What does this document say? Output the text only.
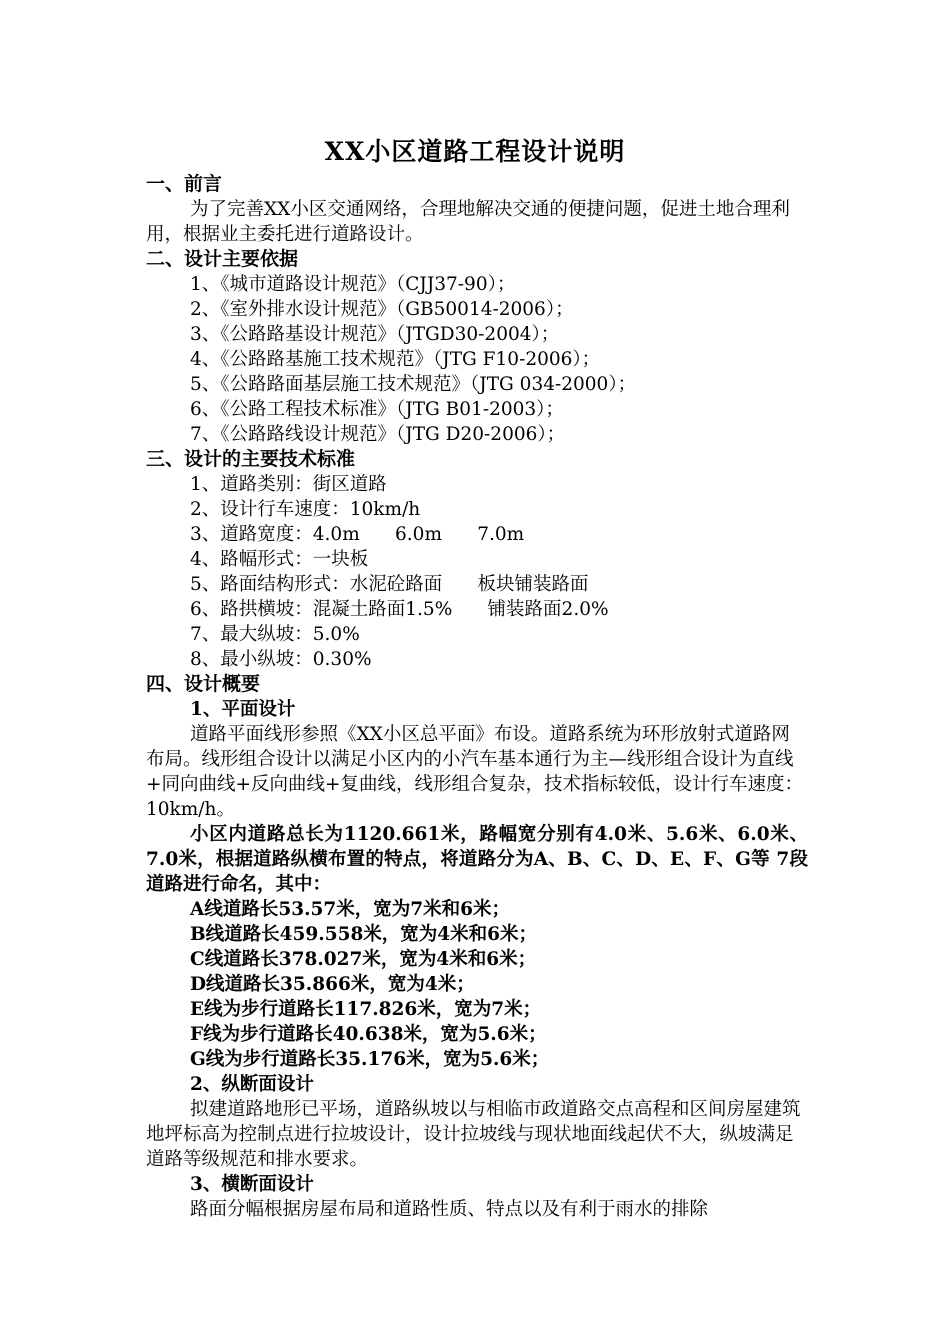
XX小区道路工程设计说明
一、前言
为了完善XX小区交通网络，合理地解决交通的便捷问题，促进土地合理利用，根据业主委托进行道路设计。
二、设计主要依据
1、《城市道路设计规范》（CJJ37-90）；
2、《室外排水设计规范》（GB50014-2006）；
3、《公路路基设计规范》（JTGD30-2004）；
4、《公路路基施工技术规范》（JTG F10-2006）；
5、《公路路面基层施工技术规范》（JTG 034-2000）；
6、《公路工程技术标准》（JTG B01-2003）；
7、《公路路线设计规范》（JTG D20-2006）；
三、设计的主要技术标准
1、道路类别：街区道路
2、设计行车速度：10km/h
3、道路宽度：4.0m      6.0m      7.0m
4、路幅形式：一块板
5、路面结构形式：水泥砼路面      板块铺装路面
6、路拱横坡：混凝土路面1.5%      铺装路面2.0%
7、最大纵坡：5.0%
8、最小纵坡：0.30%
四、设计概要
1、平面设计
道路平面线形参照《XX小区总平面》布设。道路系统为环形放射式道路网布局。线形组合设计以满足小区内的小汽车基本通行为主—线形组合设计为直线+同向曲线+反向曲线+复曲线，线形组合复杂，技术指标较低，设计行车速度：10km/h。
小区内道路总长为1120.661米，路幅宽分别有4.0米、5.6米、6.0米、7.0米，根据道路纵横布置的特点，将道路分为A、B、C、D、E、F、G等 7段道路进行命名，其中：
A线道路长53.57米，宽为7米和6米；
B线道路长459.558米，宽为4米和6米；
C线道路长378.027米，宽为4米和6米；
D线道路长35.866米，宽为4米；
E线为步行道路长117.826米，宽为7米；
F线为步行道路长40.638米，宽为5.6米；
G线为步行道路长35.176米，宽为5.6米；
2、纵断面设计
拟建道路地形已平场，道路纵坡以与相临市政道路交点高程和区间房屋建筑地坪标高为控制点进行拉坡设计，设计拉坡线与现状地面线起伏不大，纵坡满足道路等级规范和排水要求。
3、横断面设计
路面分幅根据房屋布局和道路性质、特点以及有利于雨水的排除
